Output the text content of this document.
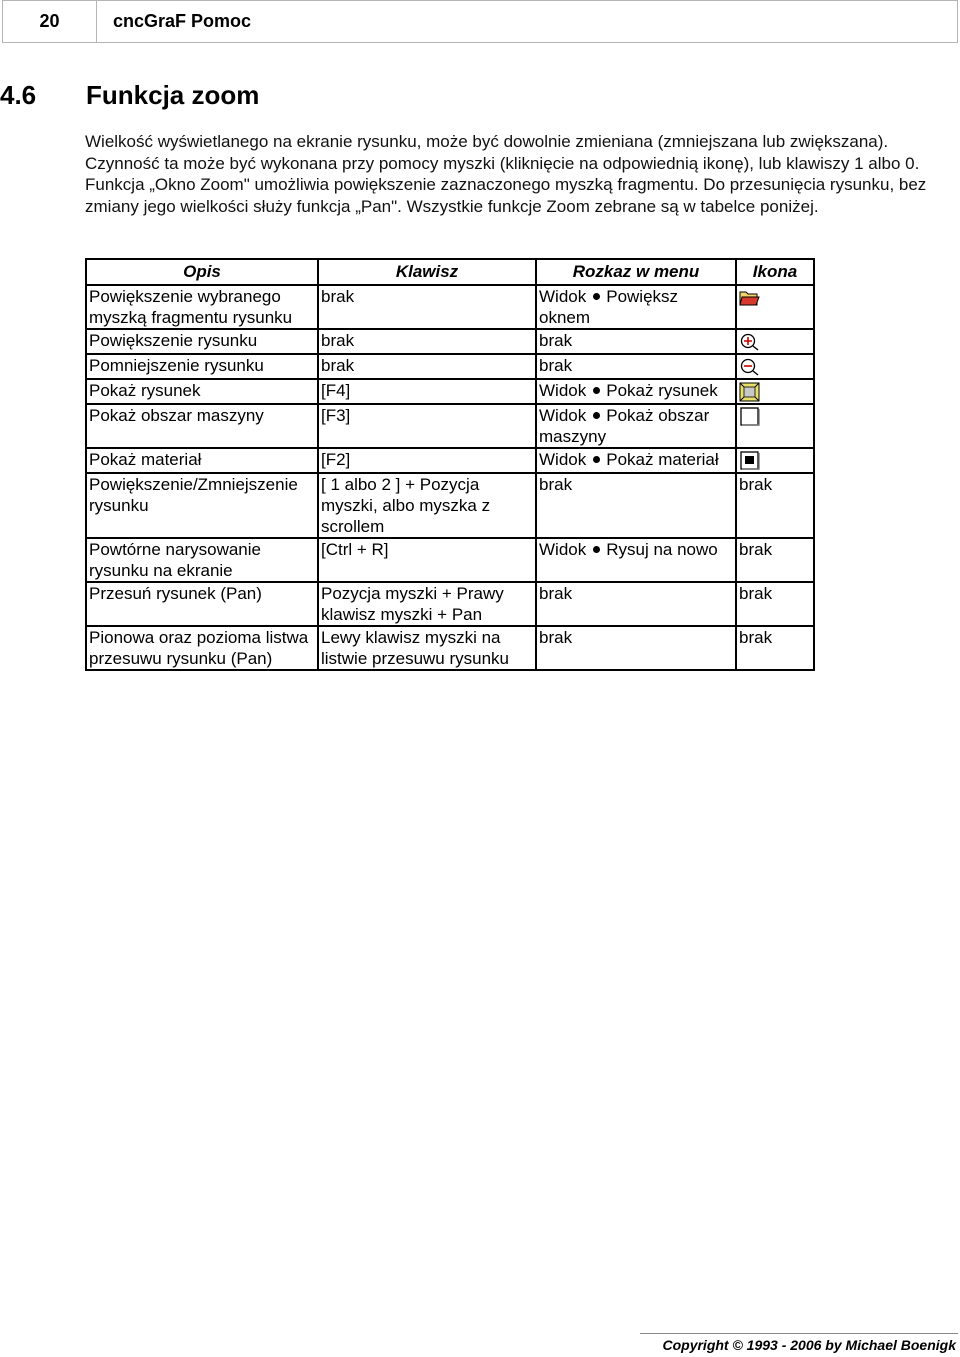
20	cncGraF Pomoc
4.6	Funkcja zoom

Wielkość wyświetlanego na ekranie rysunku, może być dowolnie zmieniana (zmniejszana lub zwiększana). Czynność ta może być wykonana przy pomocy myszki (kliknięcie na odpowiednią ikonę), lub klawiszy 1 albo 0. Funkcja „Okno Zoom" umożliwia powiększenie zaznaczonego myszką fragmentu. Do przesunięcia rysunku, bez zmiany jego wielkości służy funkcja „Pan". Wszystkie funkcje Zoom zebrane są w tabelce poniżej.

Opis	Klawisz	Rozkaz w menu	Ikona
Powiększenie wybranego myszką fragmentu rysunku	brak	Widok Powiększ oknem	
Powiększenie rysunku	brak	brak	
Pomniejszenie rysunku	brak	brak	
Pokaż rysunek	[F4]	Widok Pokaż rysunek	
Pokaż obszar maszyny	[F3]	Widok Pokaż obszar maszyny	
Pokaż materiał	[F2]	Widok Pokaż materiał	
Powiększenie/Zmniejszenie rysunku	[ 1 albo 2 ] + Pozycja myszki, albo myszka z scrollem	brak	brak
Powtórne narysowanie rysunku na ekranie	[Ctrl + R]	Widok Rysuj na nowo	brak
Przesuń rysunek (Pan)	Pozycja myszki + Prawy klawisz myszki + Pan	brak	brak
Pionowa oraz pozioma listwa przesuwu rysunku (Pan)	Lewy klawisz myszki na listwie przesuwu rysunku	brak	brak
Copyright © 1993 - 2006 by Michael Boenigk
